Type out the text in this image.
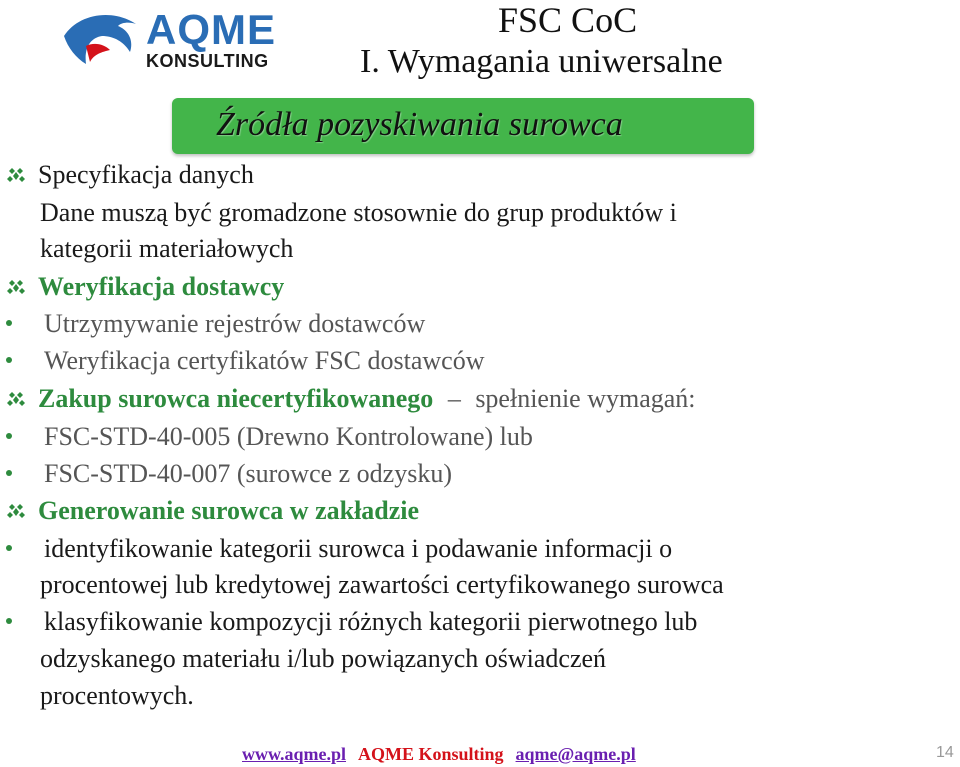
AQME
KONSULTING
FSC CoC
I. Wymagania uniwersalne
Źródła pozyskiwania surowca
Specyfikacja danych
Dane muszą być gromadzone stosownie do grup produktów i
kategorii materiałowych
Weryfikacja dostawcy
Utrzymywanie rejestrów dostawców
Weryfikacja certyfikatów FSC dostawców
Zakup surowca niecertyfikowanego – spełnienie wymagań:
FSC-STD-40-005 (Drewno Kontrolowane) lub
FSC-STD-40-007 (surowce z odzysku)
Generowanie surowca w zakładzie
identyfikowanie kategorii surowca i podawanie informacji o
procentowej lub kredytowej zawartości certyfikowanego surowca
klasyfikowanie kompozycji różnych kategorii pierwotnego lub
odzyskanego materiału i/lub powiązanych oświadczeń
procentowych.
www.aqme.pl AQME Konsulting aqme@aqme.pl	14
